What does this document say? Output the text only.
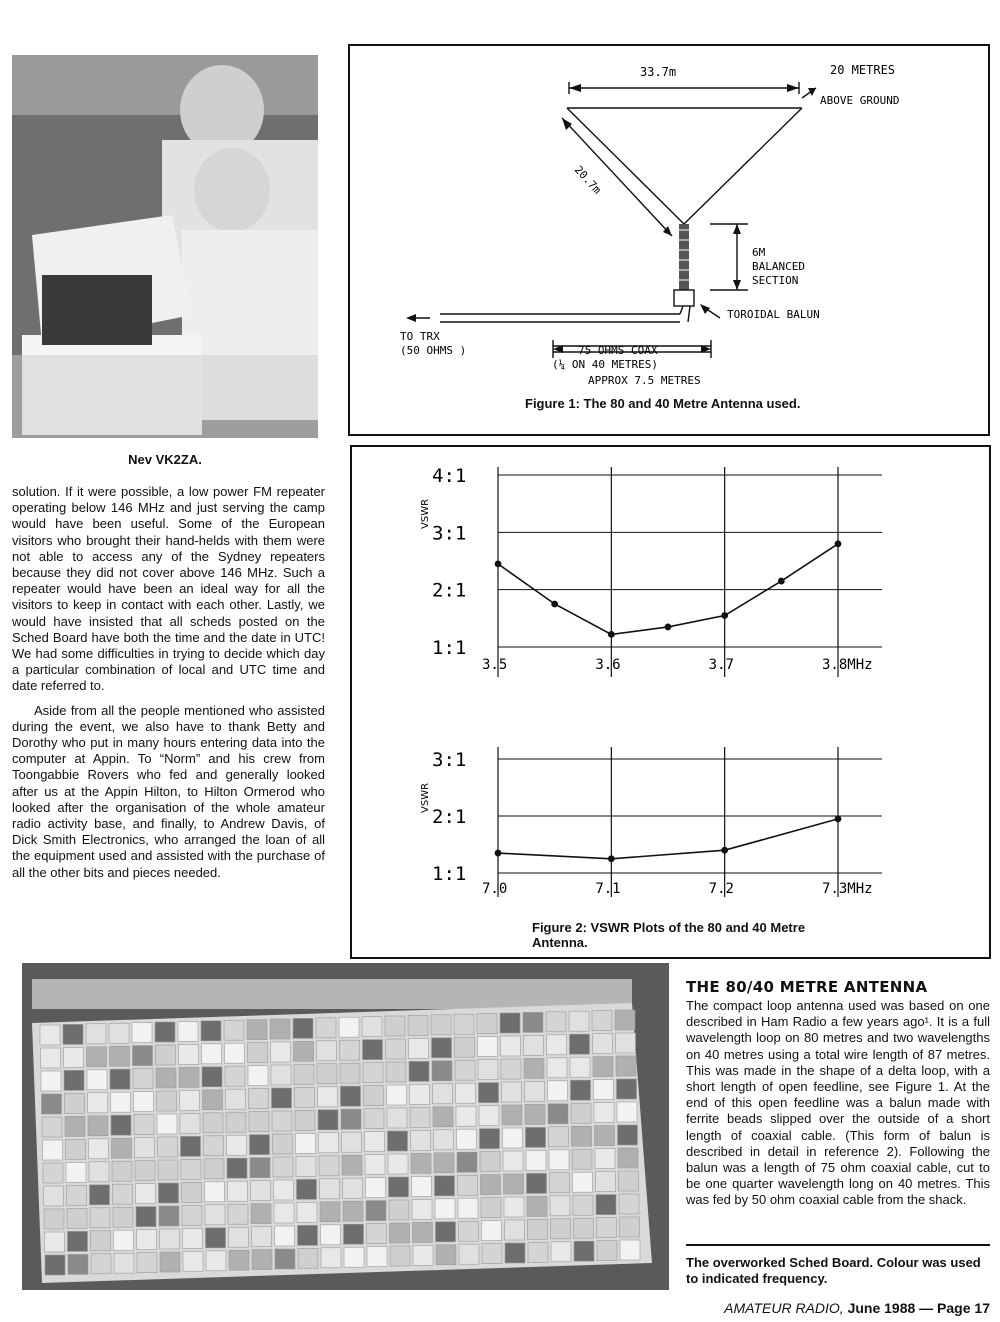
Nev VK2ZA.

solution. If it were possible, a low power FM repeater operating below 146 MHz and just serving the camp would have been useful. Some of the European visitors who brought their hand-helds with them were not able to access any of the Sydney repeaters because they did not cover above 146 MHz. Such a repeater would have been an ideal way for all the visitors to keep in contact with each other. Lastly, we would have insisted that all scheds posted on the Sched Board have both the time and the date in UTC! We had some difficulties in trying to decide which day a particular combination of local and UTC time and date referred to.

Aside from all the people mentioned who assisted during the event, we also have to thank Betty and Dorothy who put in many hours entering data into the computer at Appin. To “Norm” and his crew from Toongabbie Rovers who fed and generally looked after us at the Appin Hilton, to Hilton Ormerod who looked after the organisation of the whole amateur radio activity base, and finally, to Andrew Davis, of Dick Smith Electronics, who arranged the loan of all the equipment used and assisted with the purchase of all the other bits and pieces needed.

33.7m	20 METRES
ABOVE GROUND
20.7m
6M
BALANCED
SECTION
TOROIDAL BALUN
TO TRX
(50 OHMS )	75 OHMS COAX
(¼ ON 40 METRES)
APPROX 7.5 METRES
Figure 1: The 80 and 40 Metre Antenna used.
3.5	3.6	3.7	3.8MHz
1:1
2:1
3:1
4:1
VSWR
7.0	7.1	7.2	7.3MHz
1:1
2:1
3:1
VSWR
Figure 2: VSWR Plots of the 80 and 40 Metre Antenna.
THE 80/40 METRE ANTENNA
The compact loop antenna used was based on one described in Ham Radio a few years ago¹. It is a full wavelength loop on 80 metres and two wavelengths on 40 metres using a total wire length of 87 metres. This was made in the shape of a delta loop, with a short length of open feedline, see Figure 1. At the end of this open feedline was a balun made with ferrite beads slipped over the outside of a short length of coaxial cable. (This form of balun is described in detail in reference 2). Following the balun was a length of 75 ohm coaxial cable, cut to be one quarter wavelength long on 40 metres. This was fed by 50 ohm coaxial cable from the shack.
The overworked Sched Board. Colour was used to indicated frequency.
AMATEUR RADIO, June 1988 — Page 17
